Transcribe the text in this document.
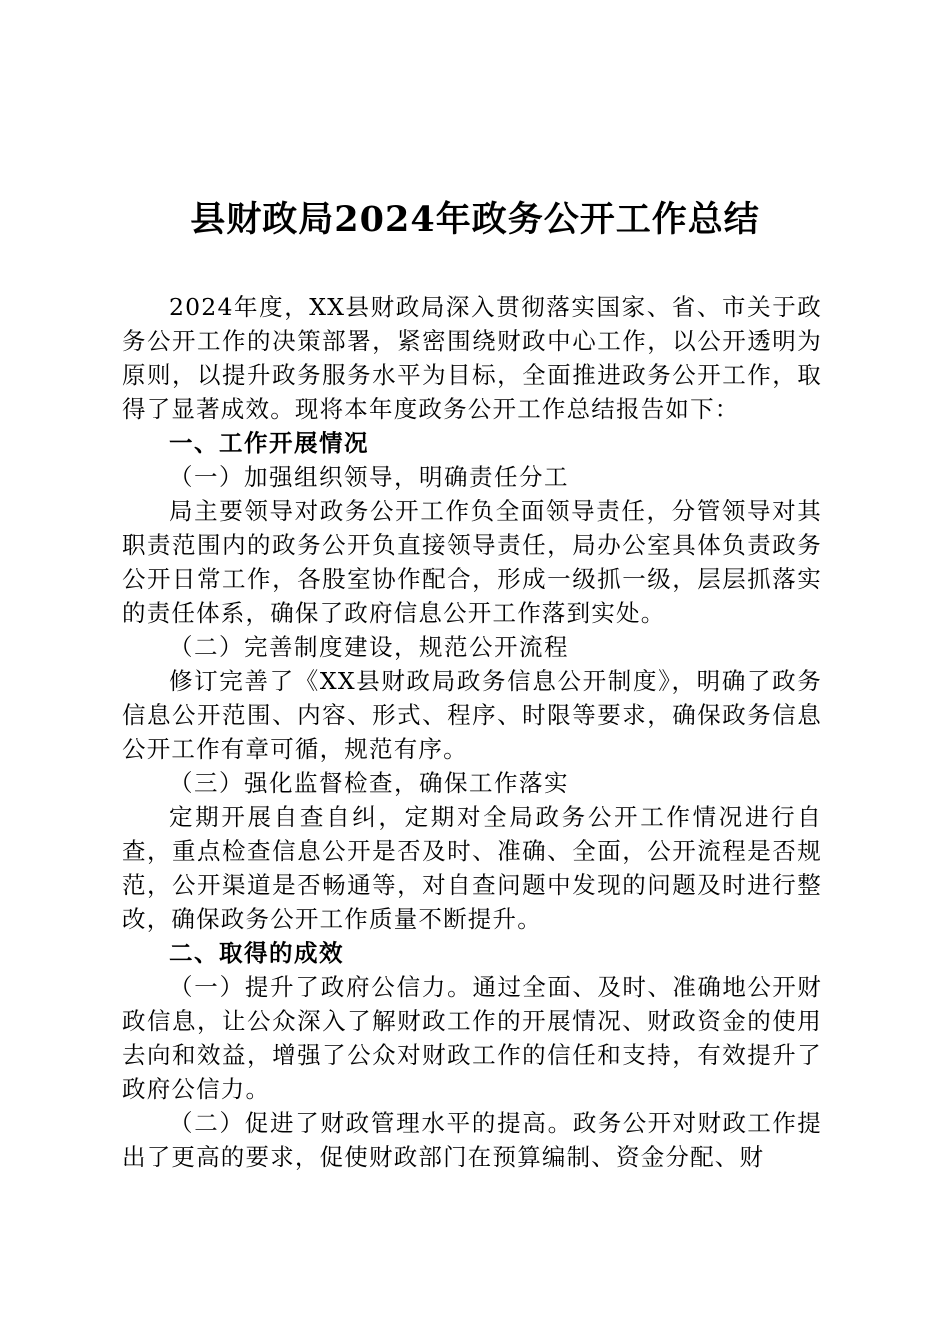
县财政局2024年政务公开工作总结

2024年度，XX县财政局深入贯彻落实国家、省、市关于政务公开工作的决策部署，紧密围绕财政中心工作，以公开透明为原则，以提升政务服务水平为目标，全面推进政务公开工作，取得了显著成效。现将本年度政务公开工作总结报告如下：

一、工作开展情况

（一）加强组织领导，明确责任分工

局主要领导对政务公开工作负全面领导责任，分管领导对其职责范围内的政务公开负直接领导责任，局办公室具体负责政务公开日常工作，各股室协作配合，形成一级抓一级，层层抓落实的责任体系，确保了政府信息公开工作落到实处。

（二）完善制度建设，规范公开流程

修订完善了《XX县财政局政务信息公开制度》，明确了政务信息公开范围、内容、形式、程序、时限等要求，确保政务信息公开工作有章可循，规范有序。

（三）强化监督检查，确保工作落实

定期开展自查自纠，定期对全局政务公开工作情况进行自查，重点检查信息公开是否及时、准确、全面，公开流程是否规范，公开渠道是否畅通等，对自查问题中发现的问题及时进行整改，确保政务公开工作质量不断提升。

二、取得的成效

（一）提升了政府公信力。通过全面、及时、准确地公开财政信息，让公众深入了解财政工作的开展情况、财政资金的使用去向和效益，增强了公众对财政工作的信任和支持，有效提升了政府公信力。

（二）促进了财政管理水平的提高。政务公开对财政工作提出了更高的要求，促使财政部门在预算编制、资金分配、财
